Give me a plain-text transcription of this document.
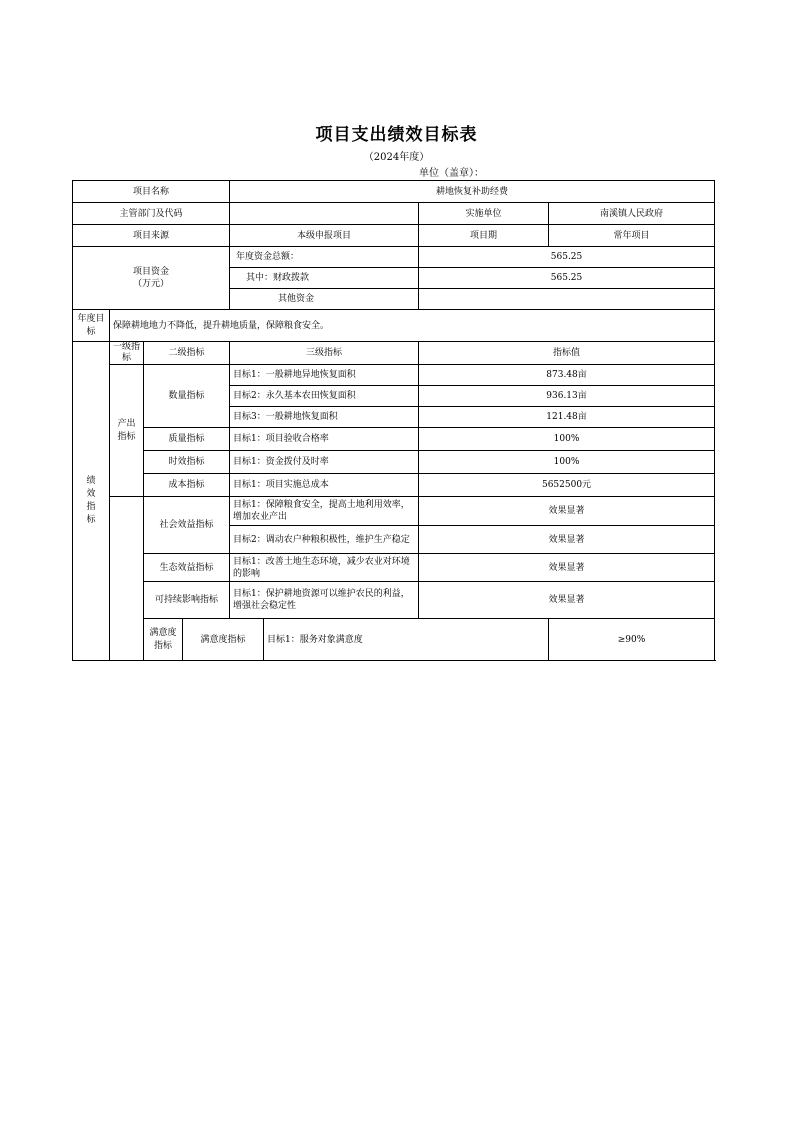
项目支出绩效目标表
（2024年度）
单位（盖章）：
项目名称				耕地恢复补助经费			
主管部门及代码						实施单位	南溪镇人民政府
项目来源				本级申报项目		项目期	常年项目

项目资金
（万元）				年度资金总额：		565.25	
				其中：财政拨款		565.25	
				其他资金			
年度目标	保障耕地地力不降低，提升耕地质量，保障粮食安全。						
绩效指标	一级指标	二级指标		三级指标		指标值	
	产出指标	数量指标		目标1：一般耕地异地恢复面积		873.48亩	
				目标2：永久基本农田恢复面积		936.13亩	
				目标3：一般耕地恢复面积		121.48亩	
		质量指标		目标1：项目验收合格率		100%	
		时效指标		目标1：资金拨付及时率		100%	
		成本指标		目标1：项目实施总成本		5652500元	
		社会效益指标		目标1：保障粮食安全，提高土地利用效率，增加农业产出		效果显著	
				目标2：调动农户种粮积极性，维护生产稳定		效果显著	
		生态效益指标		目标1：改善土地生态环境，减少农业对环境的影响		效果显著	
		可持续影响指标		目标1：保护耕地资源可以维护农民的利益，增强社会稳定性		效果显著	
		满意度指标	满意度指标		目标1：服务对象满意度		≥90%
